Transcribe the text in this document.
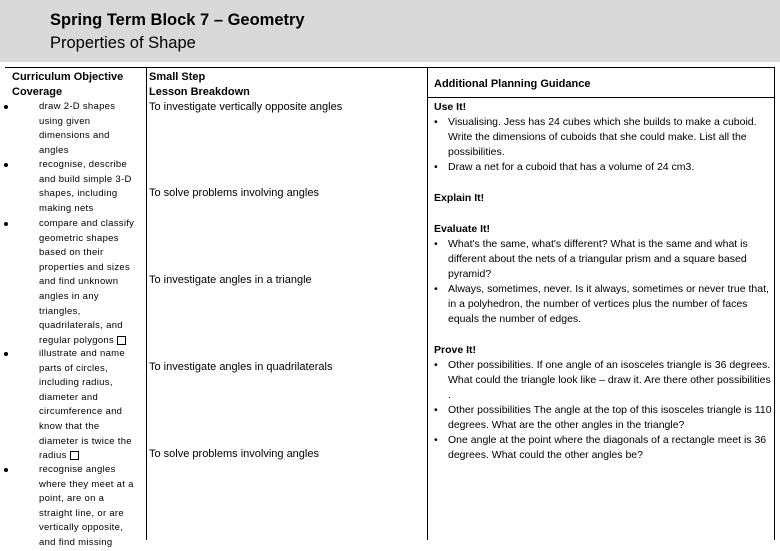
Spring Term Block 7 – Geometry
Properties of Shape
Curriculum Objective
Coverage
Small Step
Lesson Breakdown
Additional Planning Guidance
draw 2-D shapes
using given
dimensions and
angles
recognise, describe
and build simple 3-D
shapes, including
making nets
compare and classify
geometric shapes
based on their
properties and sizes
and find unknown
angles in any
triangles,
quadrilaterals, and
regular polygons
illustrate and name
parts of circles,
including radius,
diameter and
circumference and
know that the
diameter is twice the
radius
recognise angles
where they meet at a
point, are on a
straight line, or are
vertically opposite,
and find missing
To investigate vertically opposite angles
To solve problems involving angles
To investigate angles in a triangle
To investigate angles in quadrilaterals
To solve problems involving angles
Use It!
• Visualising. Jess has 24 cubes which she builds to make a cuboid. Write the dimensions of cuboids that she could make. List all the possibilities.
• Draw a net for a cuboid that has a volume of 24 cm3.
Explain It!
Evaluate It!
• What's the same, what's different? What is the same and what is different about the nets of a triangular prism and a square based pyramid?
• Always, sometimes, never. Is it always, sometimes or never true that, in a polyhedron, the number of vertices plus the number of faces equals the number of edges.
Prove It!
• Other possibilities. If one angle of an isosceles triangle is 36 degrees. What could the triangle look like – draw it. Are there other possibilities .
• Other possibilities The angle at the top of this isosceles triangle is 110 degrees. What are the other angles in the triangle?
• One angle at the point where the diagonals of a rectangle meet is 36 degrees. What could the other angles be?
